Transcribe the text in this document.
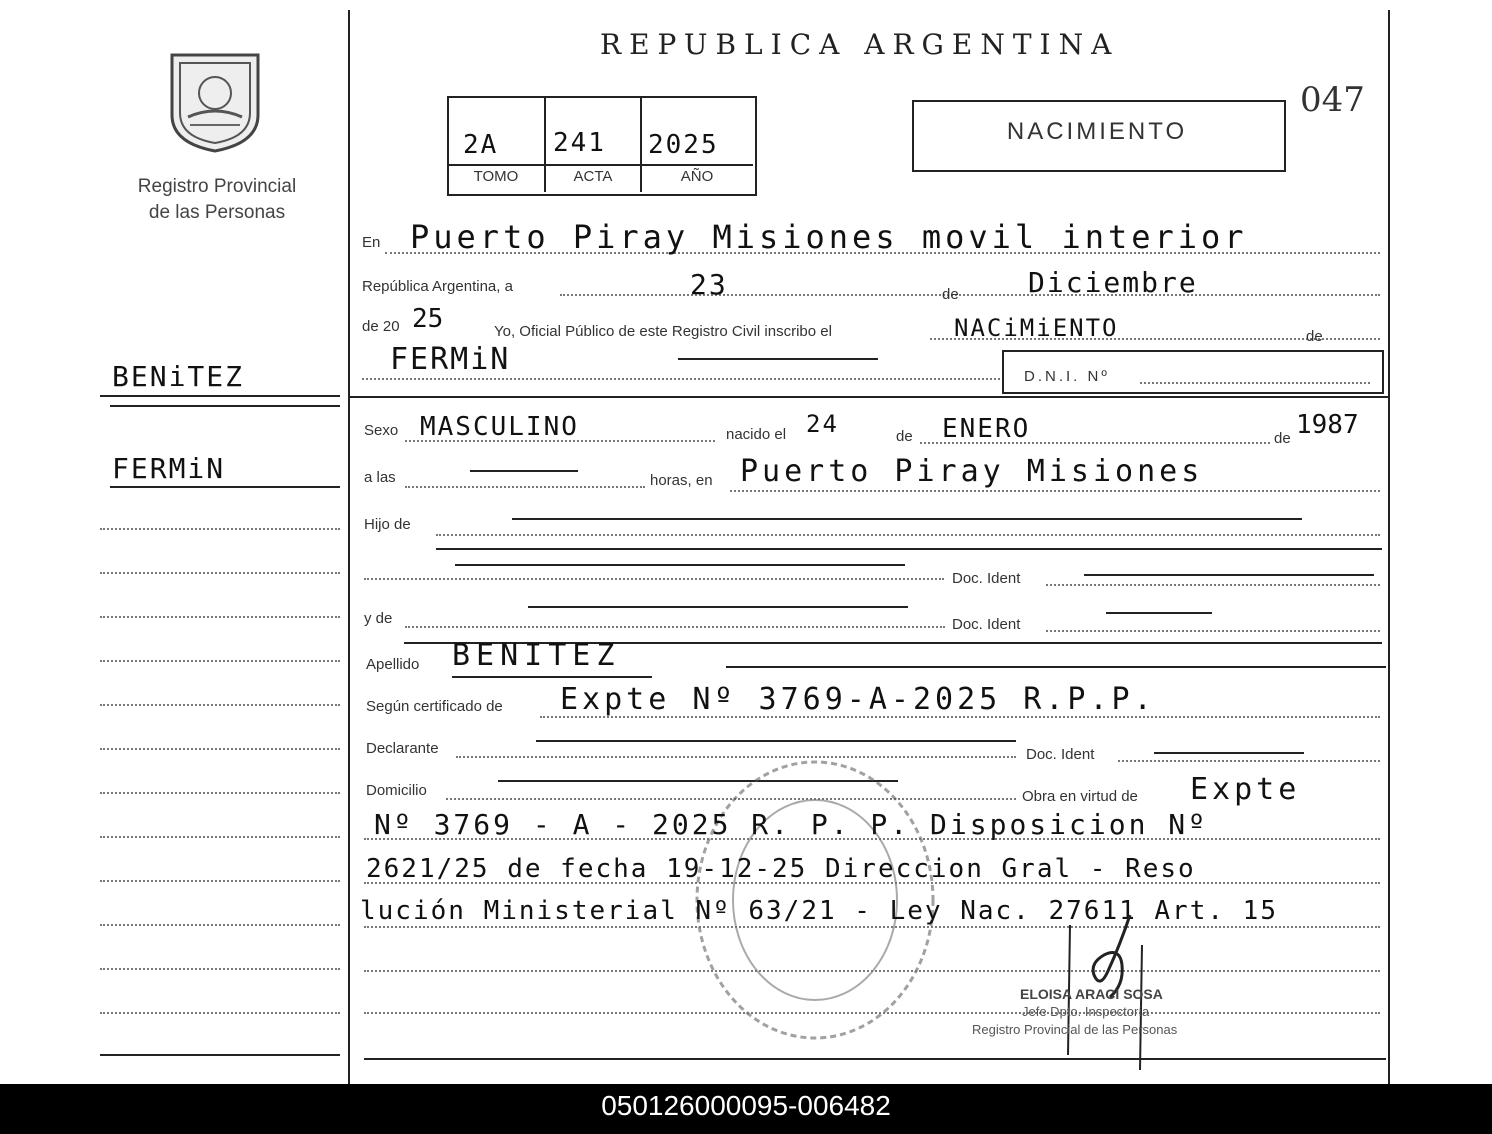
Registro Provincial
de las Personas
REPUBLICA ARGENTINA
047
2A 241 2025
TOMO	ACTA	AÑO
NACIMIENTO
BENiTEZ
FERMiN
En Puerto Piray Misiones movil interior
República Argentina, a	23	de Diciembre
de 20 25	Yo, Oficial Público de este Registro Civil inscribo el	NACiMiENTO	de
FERMiN	D.N.I. Nº
Sexo MASCULINO	nacido el 24	de ENERO	de 1987
a las	horas, en Puerto Piray Misiones
Hijo de
Doc. Ident
y de	Doc. Ident
Apellido BENITEZ
Según certificado de Expte Nº 3769-A-2025 R.P.P.
Declarante	Doc. Ident
Domicilio	Obra en virtud de Expte
Nº 3769 - A - 2025 R. P. P. Disposicion Nº
2621/25 de fecha 19-12-25 Direccion Gral - Reso
lución Ministerial Nº 63/21 - Ley Nac. 27611 Art. 15
ELOISA ARACI SOSA
Jefe Dpto. Inspectoría
Registro Provincial de las Personas
050126000095-006482
